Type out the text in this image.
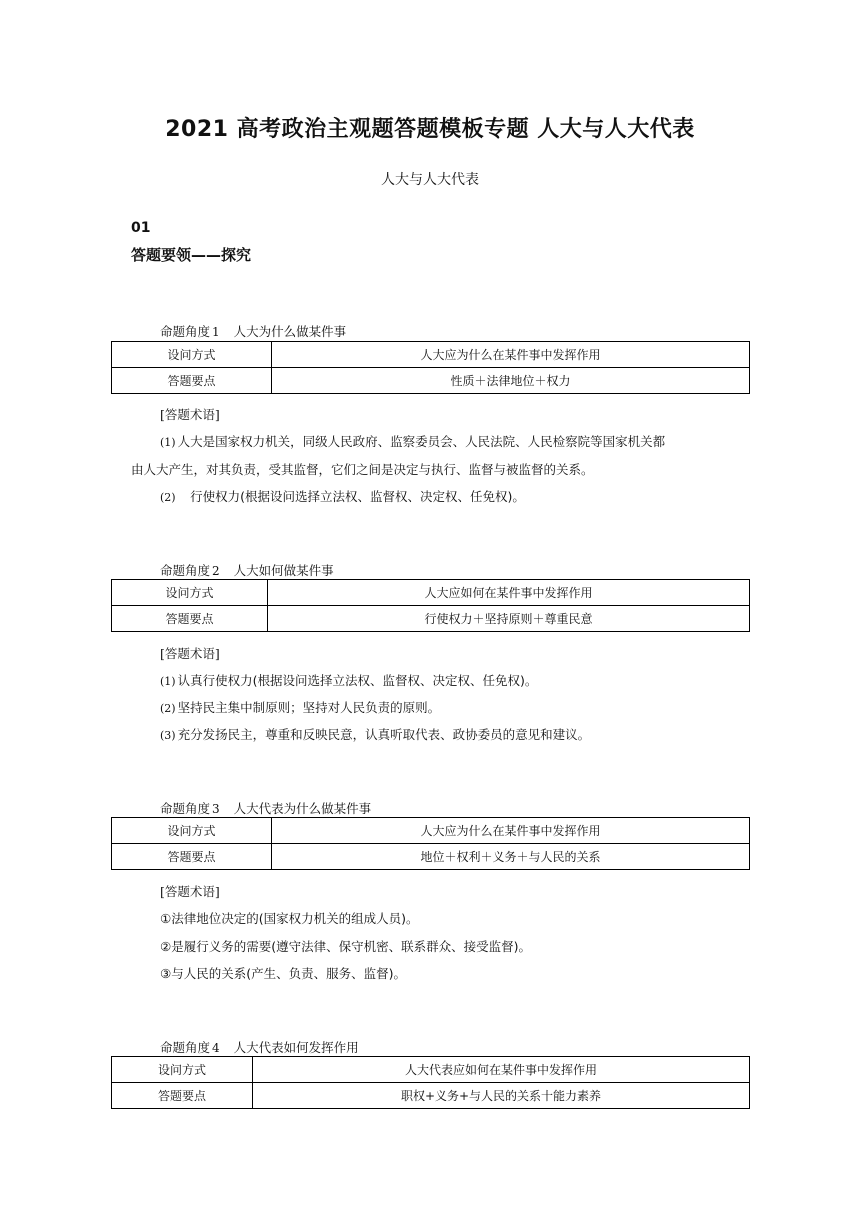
2021 高考政治主观题答题模板专题 人大与人大代表
人大与人大代表
01
答题要领——探究
命题角度 1 人大为什么做某件事
设问方式	人大应为什么在某件事中发挥作用
答题要点	性质＋法律地位＋权力
[答题术语]
(1) 人大是国家权力机关，同级人民政府、监察委员会、人民法院、人民检察院等国家机关都
由人大产生，对其负责，受其监督，它们之间是决定与执行、监督与被监督的关系。
(2)　行使权力(根据设问选择立法权、监督权、决定权、任免权)。
命题角度 2 人大如何做某件事
设问方式	人大应如何在某件事中发挥作用
答题要点	行使权力＋坚持原则＋尊重民意
[答题术语]
(1) 认真行使权力(根据设问选择立法权、监督权、决定权、任免权)。
(2) 坚持民主集中制原则；坚持对人民负责的原则。
(3) 充分发扬民主，尊重和反映民意，认真听取代表、政协委员的意见和建议。
命题角度 3 人大代表为什么做某件事
设问方式	人大应为什么在某件事中发挥作用
答题要点	地位＋权利＋义务＋与人民的关系
[答题术语]
①法律地位决定的(国家权力机关的组成人员)。
②是履行义务的需要(遵守法律、保守机密、联系群众、接受监督)。
③与人民的关系(产生、负责、服务、监督)。
命题角度 4 人大代表如何发挥作用
设问方式	人大代表应如何在某件事中发挥作用
答题要点	职权+义务+与人民的关系十能力素养
